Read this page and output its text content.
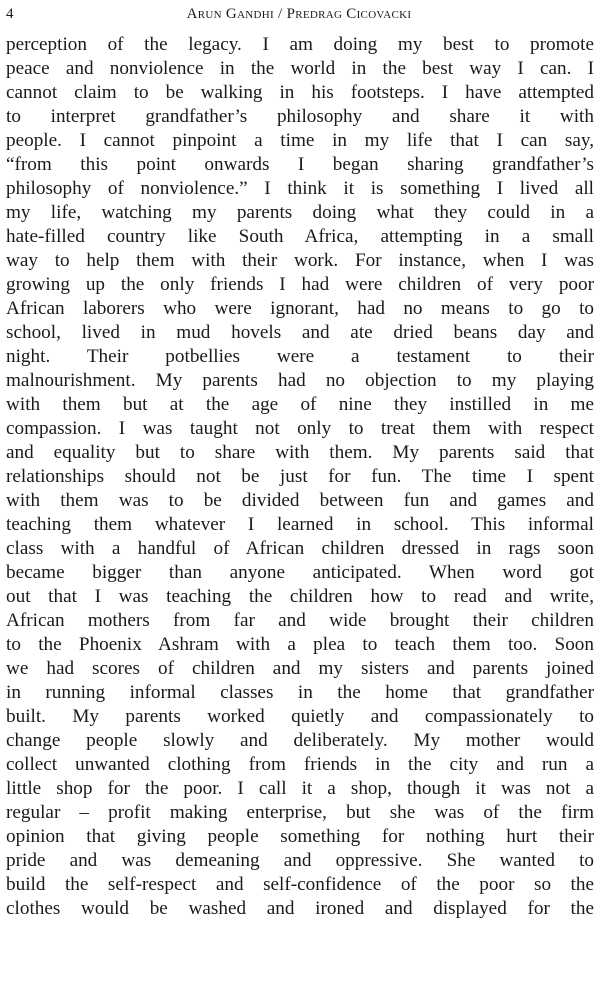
4	Arun Gandhi / Predrag Cicovacki
perception of the legacy. I am doing my best to promote
peace and nonviolence in the world in the best way I can. I
cannot claim to be walking in his footsteps. I have attempted
to interpret grandfather’s philosophy and share it with
people. I cannot pinpoint a time in my life that I can say,
“from this point onwards I began sharing grandfather’s
philosophy of nonviolence.” I think it is something I lived all
my life, watching my parents doing what they could in a
hate-filled country like South Africa, attempting in a small
way to help them with their work. For instance, when I was
growing up the only friends I had were children of very poor
African laborers who were ignorant, had no means to go to
school, lived in mud hovels and ate dried beans day and
night. Their potbellies were a testament to their
malnourishment. My parents had no objection to my playing
with them but at the age of nine they instilled in me
compassion. I was taught not only to treat them with respect
and equality but to share with them. My parents said that
relationships should not be just for fun. The time I spent
with them was to be divided between fun and games and
teaching them whatever I learned in school. This informal
class with a handful of African children dressed in rags soon
became bigger than anyone anticipated. When word got
out that I was teaching the children how to read and write,
African mothers from far and wide brought their children
to the Phoenix Ashram with a plea to teach them too. Soon
we had scores of children and my sisters and parents joined
in running informal classes in the home that grandfather
built. My parents worked quietly and compassionately to
change people slowly and deliberately. My mother would
collect unwanted clothing from friends in the city and run a
little shop for the poor. I call it a shop, though it was not a
regular – profit making enterprise, but she was of the firm
opinion that giving people something for nothing hurt their
pride and was demeaning and oppressive. She wanted to
build the self-respect and self-confidence of the poor so the
clothes would be washed and ironed and displayed for the
